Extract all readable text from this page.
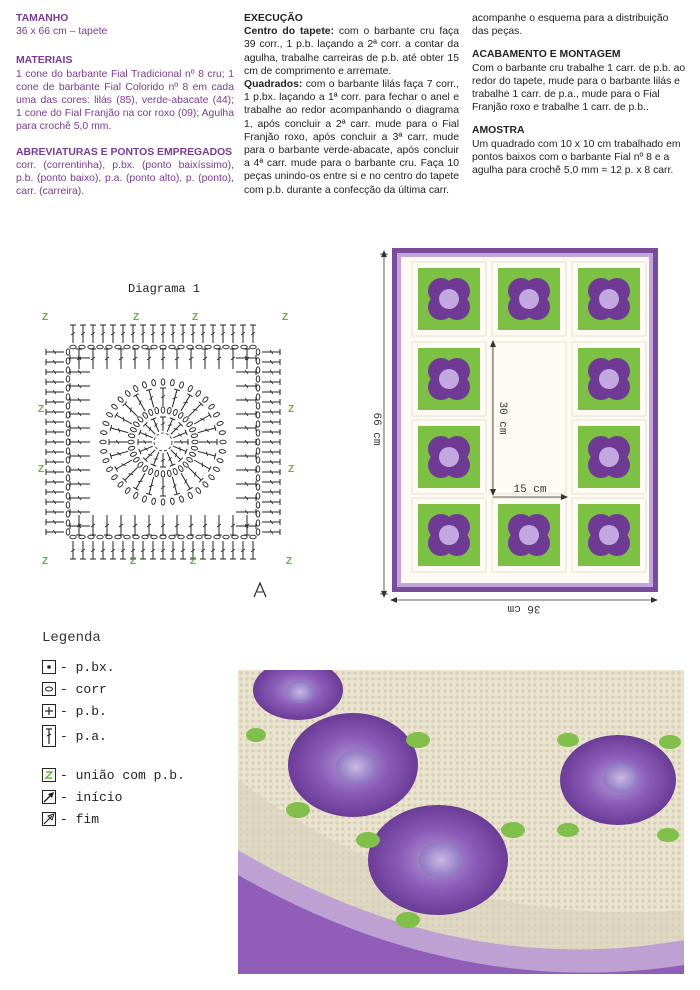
TAMANHO

36 x 66 cm – tapete

MATERIAIS

1 cone do barbante Fial Tradicional nº 8 cru; 1 cone de barbante Fial Colorido nº 8 em cada uma das cores: lilás (85), verde-abacate (44); 1 cone do Fial Franjão na cor roxo (09); Agulha para crochê 5,0 mm.

ABREVIATURAS E PONTOS EMPREGADOS

corr. (correntinha), p.bx. (ponto baixíssimo), p.b. (ponto baixo), p.a. (ponto alto), p. (ponto), carr. (carreira).

EXECUÇÃO

Centro do tapete: com o barbante cru faça 39 corr., 1 p.b. laçando a 2ª corr. a contar da agulha, trabalhe carreiras de p.b. até obter 15 cm de comprimento e arremate.

Quadrados: com o barbante lilás faça 7 corr., 1 p.bx. laçando a 1ª corr. para fechar o anel e trabalhe ao redor acompanhando o diagrama 1, após concluir a 2ª carr. mude para o Fial Franjão roxo, após concluir a 3ª carr. mude para o barbante verde-abacate, após concluir a 4ª carr. mude para o barbante cru. Faça 10 peças unindo-os entre si e no centro do tapete com p.b. durante a confecção da última carr.

acompanhe o esquema para a distribuição das peças.

ACABAMENTO E MONTAGEM

Com o barbante cru trabalhe 1 carr. de p.b. ao redor do tapete, mude para o barbante lilás e trabalhe 1 carr. de p.a., mude para o Fial Franjão roxo e trabalhe 1 carr. de p.b..

AMOSTRA

Um quadrado com 10 x 10 cm trabalhado em pontos baixos com o barbante Fial nº 8 e a agulha para crochê 5,0 mm = 12 p. x 8 carr.

Diagrama 1
Z	Z	Z	Z
Z
Z
Z
Z
Z
Z
Z
Z
66 cm
36 cm
30 cm
15 cm
Legenda
- p.bx.
- corr
- p.b.
- p.a.
- união com p.b.
- início
- fim
